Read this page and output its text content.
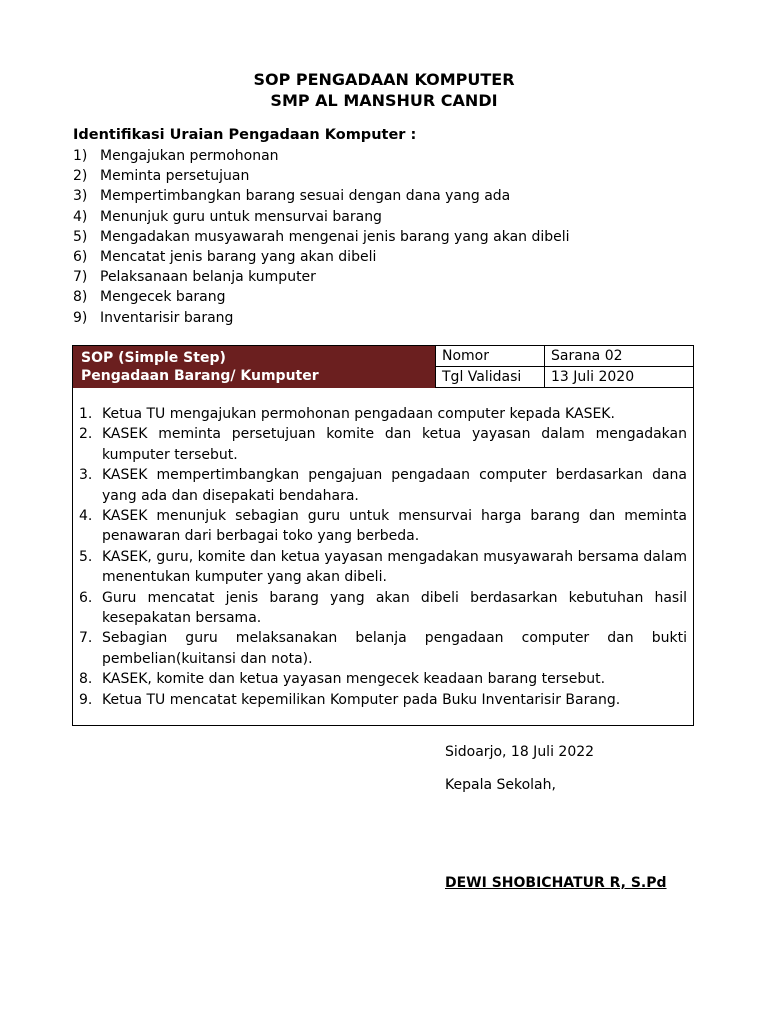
SOP PENGADAAN KOMPUTER
SMP AL MANSHUR CANDI
Identifikasi Uraian Pengadaan Komputer :
1) Mengajukan permohonan
2) Meminta persetujuan
3) Mempertimbangkan barang sesuai dengan dana yang ada
4) Menunjuk guru untuk mensurvai barang
5) Mengadakan musyawarah mengenai jenis barang yang akan dibeli
6) Mencatat jenis barang yang akan dibeli
7) Pelaksanaan belanja kumputer
8) Mengecek barang
9) Inventarisir barang
SOP (Simple Step)
Pengadaan Barang/ Kumputer
Nomor	Sarana 02
Tgl Validasi	13 Juli 2020
1. Ketua TU mengajukan permohonan pengadaan computer kepada KASEK.
2. KASEK meminta persetujuan komite dan ketua yayasan dalam mengadakan kumputer tersebut.
3. KASEK mempertimbangkan pengajuan pengadaan computer berdasarkan dana yang ada dan disepakati bendahara.
4. KASEK menunjuk sebagian guru untuk mensurvai harga barang dan meminta penawaran dari berbagai toko yang berbeda.
5. KASEK, guru, komite dan ketua yayasan mengadakan musyawarah bersama dalam menentukan kumputer yang akan dibeli.
6. Guru mencatat jenis barang yang akan dibeli berdasarkan kebutuhan hasil kesepakatan bersama.
7. Sebagian guru melaksanakan belanja pengadaan computer dan bukti pembelian(kuitansi dan nota).
8. KASEK, komite dan ketua yayasan mengecek keadaan barang tersebut.
9. Ketua TU mencatat kepemilikan Komputer pada Buku Inventarisir Barang.
Sidoarjo, 18 Juli 2022
Kepala Sekolah,
DEWI SHOBICHATUR R, S.Pd
